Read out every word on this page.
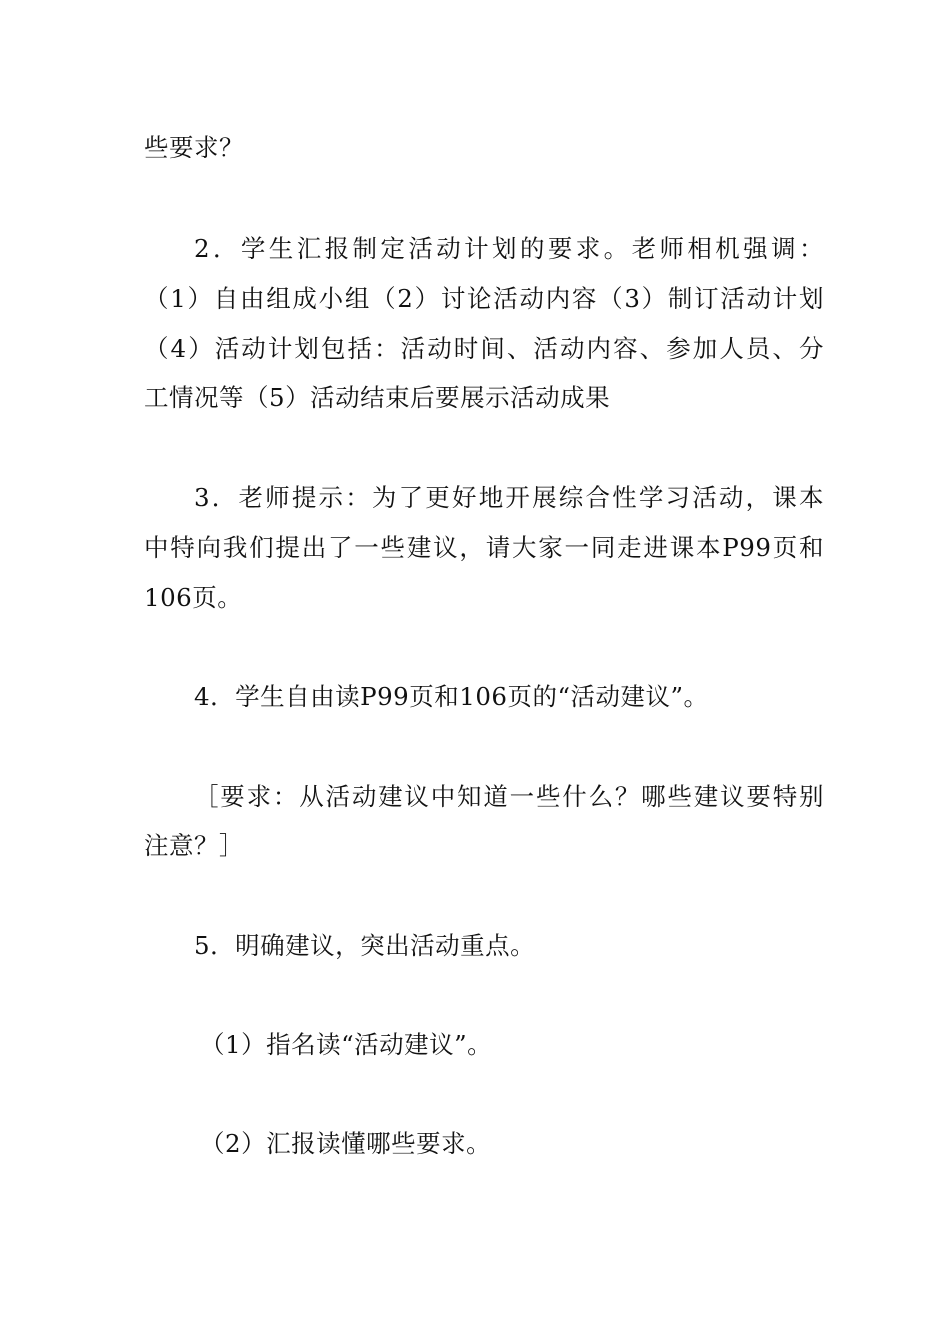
些要求？
2．学生汇报制定活动计划的要求。老师相机强调：
（1）自由组成小组（2）讨论活动内容（3）制订活动计划
（4）活动计划包括：活动时间、活动内容、参加人员、分
工情况等（5）活动结束后要展示活动成果
3．老师提示：为了更好地开展综合性学习活动，课本
中特向我们提出了一些建议，请大家一同走进课本P99页和
106页。
4．学生自由读P99页和106页的“活动建议”。
［要求：从活动建议中知道一些什么？哪些建议要特别
注意？］
5．明确建议，突出活动重点。
（1）指名读“活动建议”。
（2）汇报读懂哪些要求。
